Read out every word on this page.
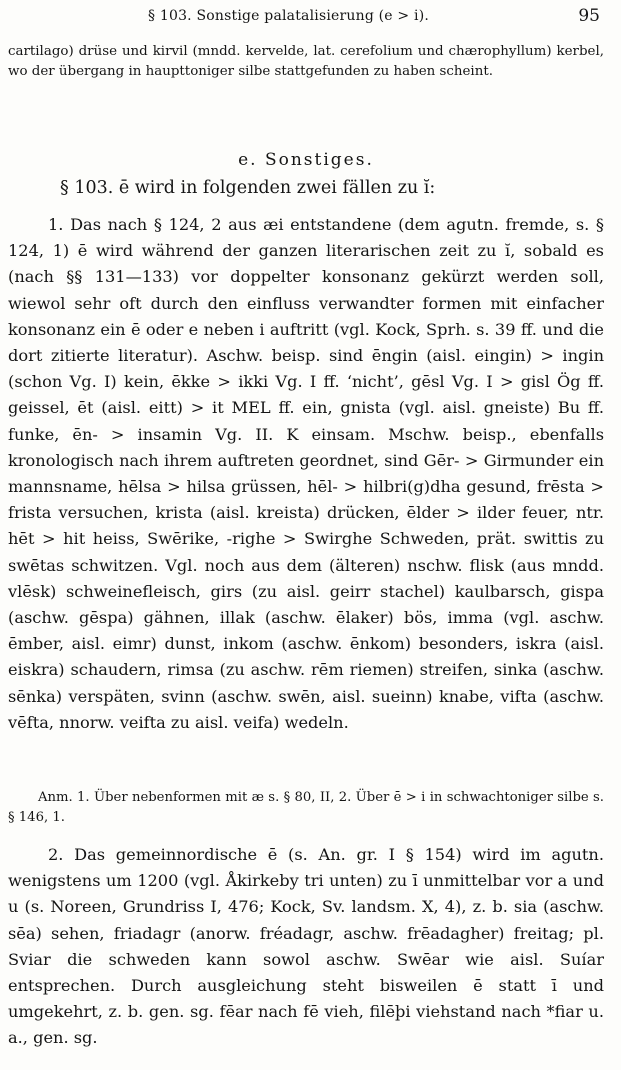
§ 103. Sonstige palatalisierung (e > i).	95

cartilago) drüse und kirvil (mndd. kervelde, lat. cerefolium und chærophyllum) kerbel, wo der übergang in haupttoniger silbe stattgefunden zu haben scheint.

e. Sonstiges.
§ 103. ē wird in folgenden zwei fällen zu ĭ:

1. Das nach § 124, 2 aus æi entstandene (dem agutn. fremde, s. § 124, 1) ē wird während der ganzen literarischen zeit zu ĭ, sobald es (nach §§ 131—133) vor doppelter konsonanz gekürzt werden soll, wiewol sehr oft durch den einfluss verwandter formen mit einfacher konsonanz ein ē oder e neben i auftritt (vgl. Kock, Sprh. s. 39 ff. und die dort zitierte literatur). Aschw. beisp. sind ēngin (aisl. eingin) > ingin (schon Vg. I) kein, ēkke > ikki Vg. I ff. ‘nicht’, gēsl Vg. I > gisl Ög ff. geissel, ēt (aisl. eitt) > it MEL ff. ein, gnista (vgl. aisl. gneiste) Bu ff. funke, ēn- > insamin Vg. II. K einsam. Mschw. beisp., ebenfalls kronologisch nach ihrem auftreten geordnet, sind Gēr- > Girmunder ein mannsname, hēlsa > hilsa grüssen, hēl- > hilbri(g)dha gesund, frēsta > frista versuchen, krista (aisl. kreista) drücken, ēlder > ilder feuer, ntr. hēt > hit heiss, Swērike, -righe > Swirghe Schweden, prät. swittis zu swētas schwitzen. Vgl. noch aus dem (älteren) nschw. flisk (aus mndd. vlēsk) schweinefleisch, girs (zu aisl. geirr stachel) kaulbarsch, gispa (aschw. gēspa) gähnen, illak (aschw. ēlaker) bös, imma (vgl. aschw. ēmber, aisl. eimr) dunst, inkom (aschw. ēnkom) besonders, iskra (aisl. eiskra) schaudern, rimsa (zu aschw. rēm riemen) streifen, sinka (aschw. sēnka) verspäten, svinn (aschw. swēn, aisl. sueinn) knabe, vifta (aschw. vēfta, nnorw. veifta zu aisl. veifa) wedeln.

Anm. 1. Über nebenformen mit æ s. § 80, II, 2. Über ē > i in schwachtoniger silbe s. § 146, 1.

2. Das gemeinnordische ē (s. An. gr. I § 154) wird im agutn. wenigstens um 1200 (vgl. Åkirkeby tri unten) zu ī unmittelbar vor a und u (s. Noreen, Grundriss I, 476; Kock, Sv. landsm. X, 4), z. b. sia (aschw. sēa) sehen, friadagr (anorw. fréadagr, aschw. frēadagher) freitag; pl. Sviar die schweden kann sowol aschw. Swēar wie aisl. Suíar entsprechen. Durch ausgleichung steht bisweilen ē statt ī und umgekehrt, z. b. gen. sg. fēar nach fē vieh, filēþi viehstand nach *fiar u. a., gen. sg.
